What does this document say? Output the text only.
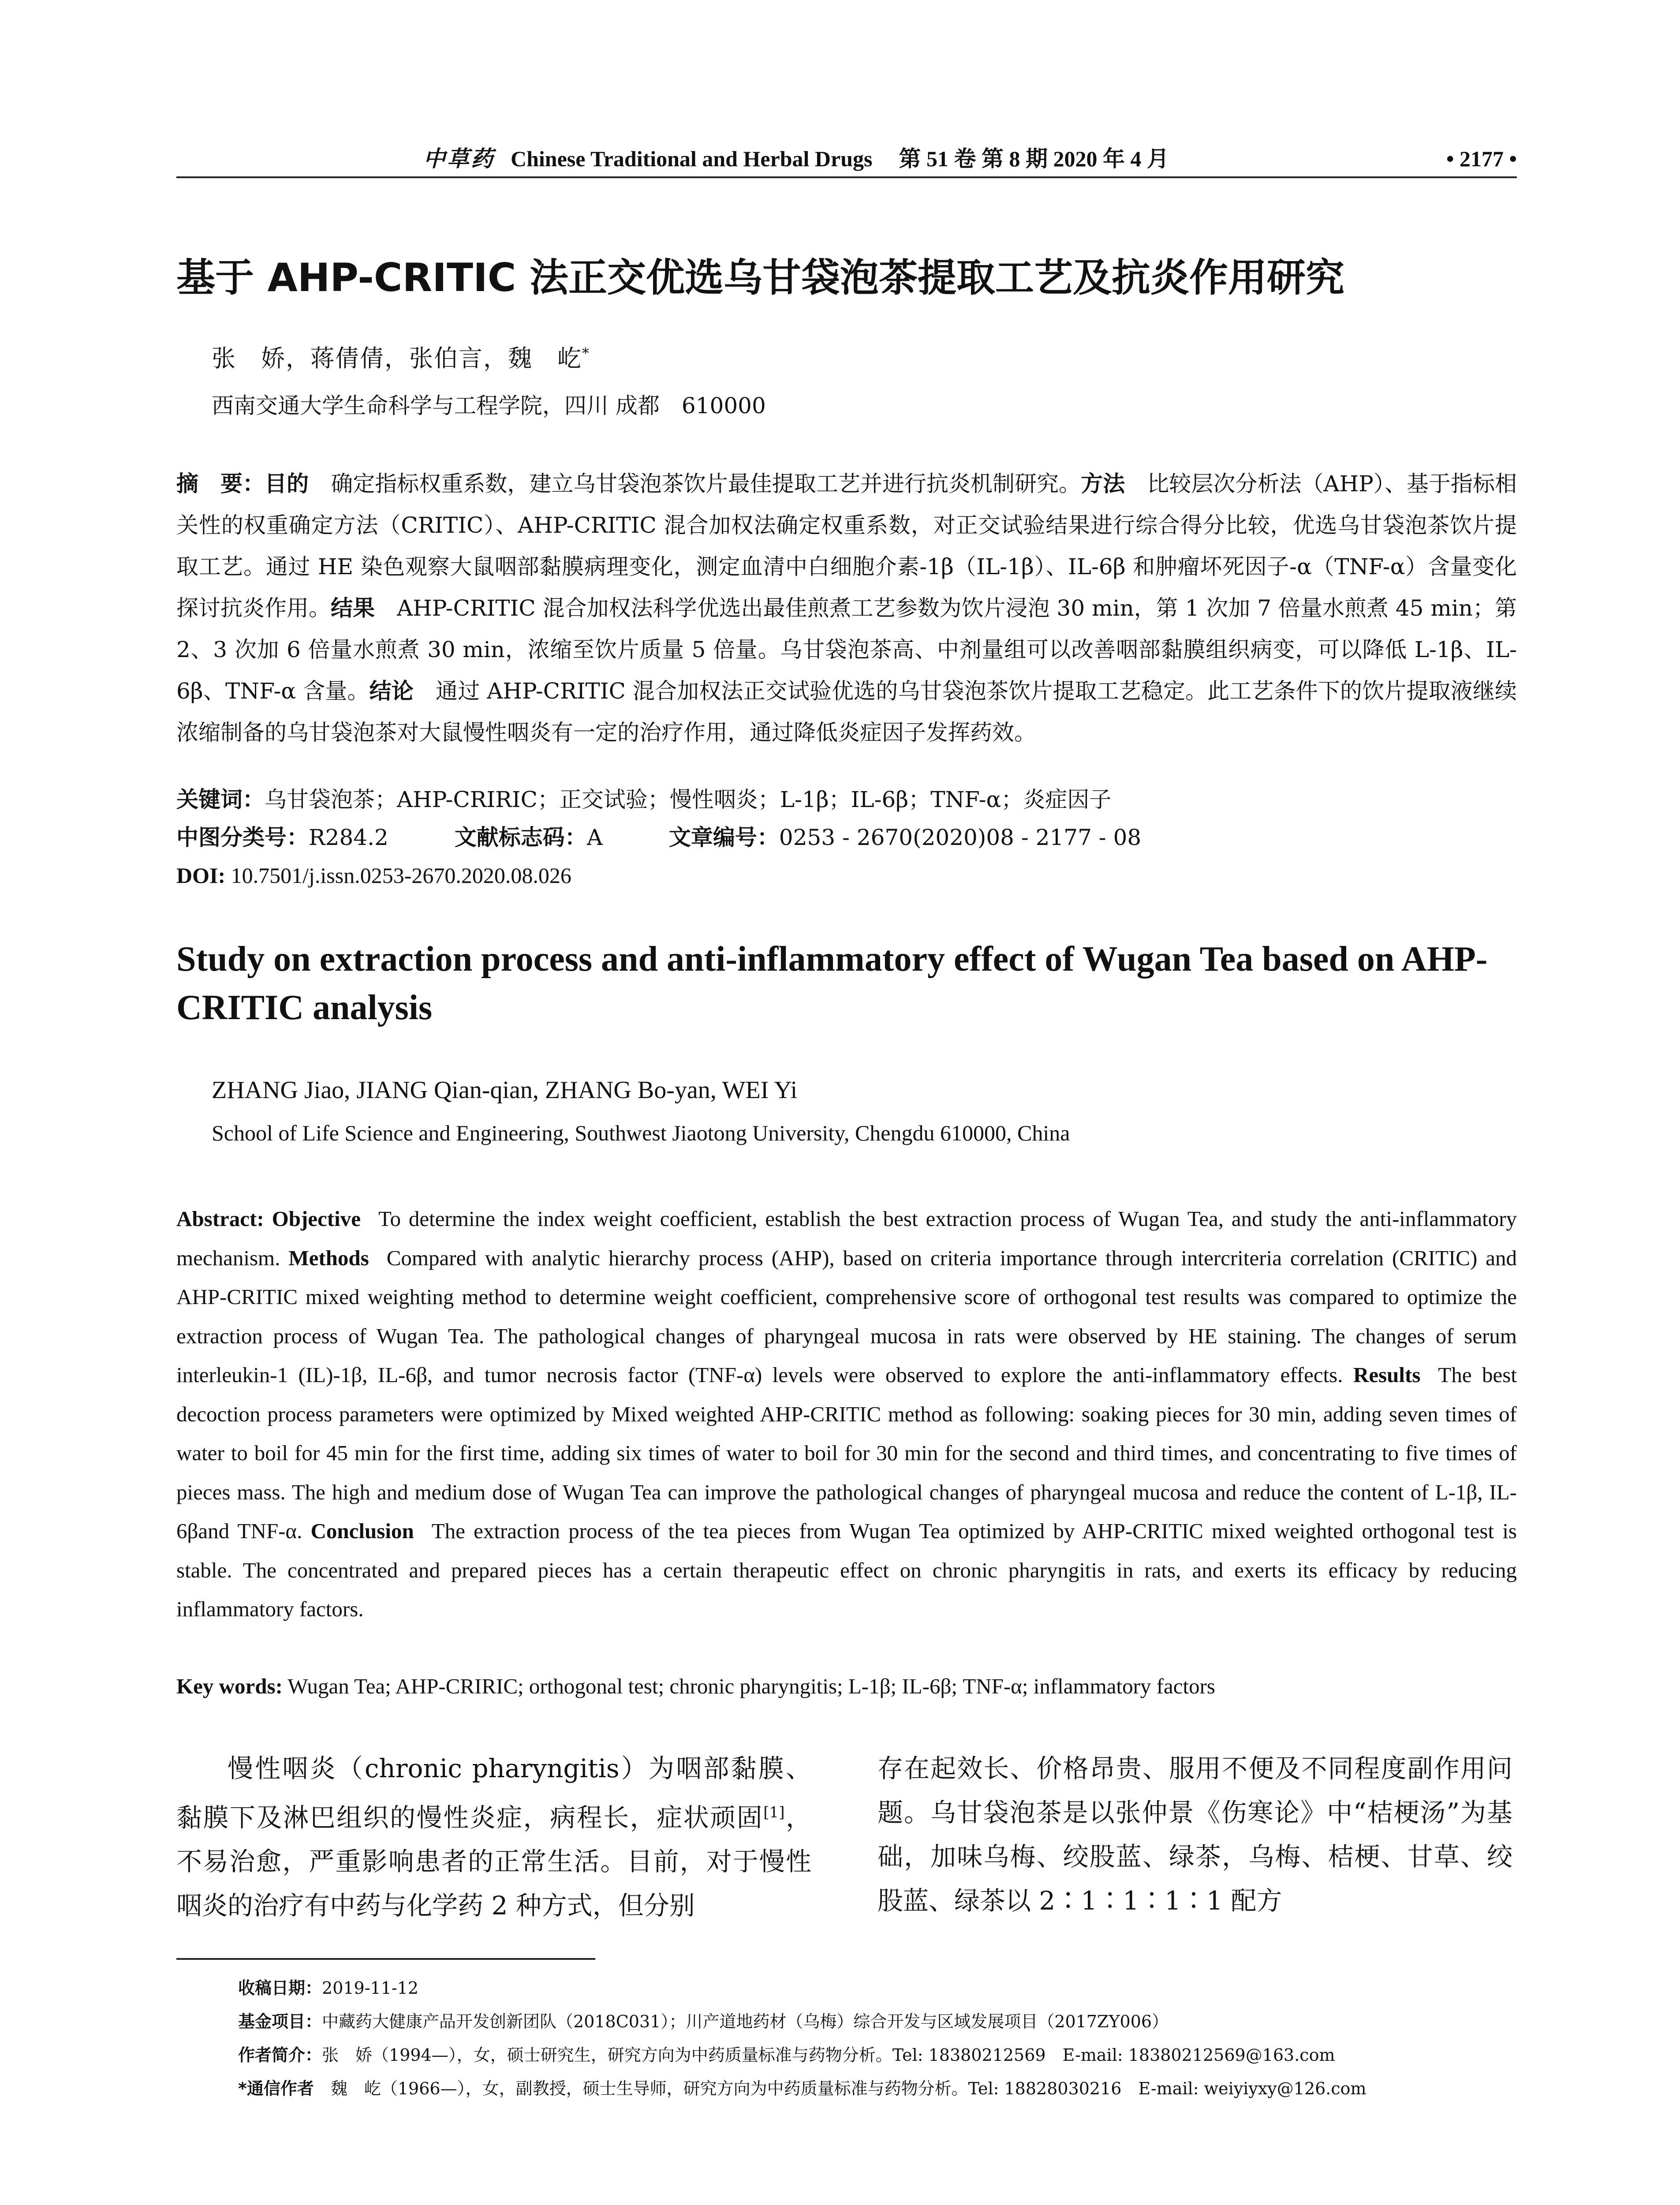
中草药 Chinese Traditional and Herbal Drugs 第 51 卷 第 8 期 2020 年 4 月	• 2177 •
基于 AHP-CRITIC 法正交优选乌甘袋泡茶提取工艺及抗炎作用研究
张　娇，蒋倩倩，张伯言，魏　屹*
西南交通大学生命科学与工程学院，四川 成都　610000
摘　要：目的 确定指标权重系数，建立乌甘袋泡茶饮片最佳提取工艺并进行抗炎机制研究。方法 比较层次分析法（AHP）、基于指标相关性的权重确定方法（CRITIC）、AHP-CRITIC 混合加权法确定权重系数，对正交试验结果进行综合得分比较，优选乌甘袋泡茶饮片提取工艺。通过 HE 染色观察大鼠咽部黏膜病理变化，测定血清中白细胞介素-1β（IL-1β）、IL-6β 和肿瘤坏死因子-α（TNF-α）含量变化探讨抗炎作用。结果 AHP-CRITIC 混合加权法科学优选出最佳煎煮工艺参数为饮片浸泡 30 min，第 1 次加 7 倍量水煎煮 45 min；第 2、3 次加 6 倍量水煎煮 30 min，浓缩至饮片质量 5 倍量。乌甘袋泡茶高、中剂量组可以改善咽部黏膜组织病变，可以降低 L-1β、IL-6β、TNF-α 含量。结论 通过 AHP-CRITIC 混合加权法正交试验优选的乌甘袋泡茶饮片提取工艺稳定。此工艺条件下的饮片提取液继续浓缩制备的乌甘袋泡茶对大鼠慢性咽炎有一定的治疗作用，通过降低炎症因子发挥药效。
关键词：乌甘袋泡茶；AHP-CRIRIC；正交试验；慢性咽炎；L-1β；IL-6β；TNF-α；炎症因子
中图分类号：R284.2	文献标志码：A	文章编号：0253 - 2670(2020)08 - 2177 - 08
DOI: 10.7501/j.issn.0253-2670.2020.08.026
Study on extraction process and anti-inflammatory effect of Wugan Tea based on AHP-CRITIC analysis
ZHANG Jiao, JIANG Qian-qian, ZHANG Bo-yan, WEI Yi
School of Life Science and Engineering, Southwest Jiaotong University, Chengdu 610000, China
Abstract: Objective To determine the index weight coefficient, establish the best extraction process of Wugan Tea, and study the anti-inflammatory mechanism. Methods Compared with analytic hierarchy process (AHP), based on criteria importance through intercriteria correlation (CRITIC) and AHP-CRITIC mixed weighting method to determine weight coefficient, comprehensive score of orthogonal test results was compared to optimize the extraction process of Wugan Tea. The pathological changes of pharyngeal mucosa in rats were observed by HE staining. The changes of serum interleukin-1 (IL)-1β, IL-6β, and tumor necrosis factor (TNF-α) levels were observed to explore the anti-inflammatory effects. Results The best decoction process parameters were optimized by Mixed weighted AHP-CRITIC method as following: soaking pieces for 30 min, adding seven times of water to boil for 45 min for the first time, adding six times of water to boil for 30 min for the second and third times, and concentrating to five times of pieces mass. The high and medium dose of Wugan Tea can improve the pathological changes of pharyngeal mucosa and reduce the content of L-1β, IL-6βand TNF-α. Conclusion The extraction process of the tea pieces from Wugan Tea optimized by AHP-CRITIC mixed weighted orthogonal test is stable. The concentrated and prepared pieces has a certain therapeutic effect on chronic pharyngitis in rats, and exerts its efficacy by reducing inflammatory factors.
Key words: Wugan Tea; AHP-CRIRIC; orthogonal test; chronic pharyngitis; L-1β; IL-6β; TNF-α; inflammatory factors
慢性咽炎（chronic pharyngitis）为咽部黏膜、黏膜下及淋巴组织的慢性炎症，病程长，症状顽固[1]，不易治愈，严重影响患者的正常生活。目前，对于慢性咽炎的治疗有中药与化学药 2 种方式，但分别
存在起效长、价格昂贵、服用不便及不同程度副作用问题。乌甘袋泡茶是以张仲景《伤寒论》中“桔梗汤”为基础，加味乌梅、绞股蓝、绿茶，乌梅、桔梗、甘草、绞股蓝、绿茶以 2∶1∶1∶1∶1 配方
收稿日期：2019-11-12
基金项目：中藏药大健康产品开发创新团队（2018C031）；川产道地药材（乌梅）综合开发与区域发展项目（2017ZY006）
作者简介：张　娇（1994—），女，硕士研究生，研究方向为中药质量标准与药物分析。Tel: 18380212569　E-mail: 18380212569@163.com
*通信作者　魏　屹（1966—），女，副教授，硕士生导师，研究方向为中药质量标准与药物分析。Tel: 18828030216　E-mail: weiyiyxy@126.com
